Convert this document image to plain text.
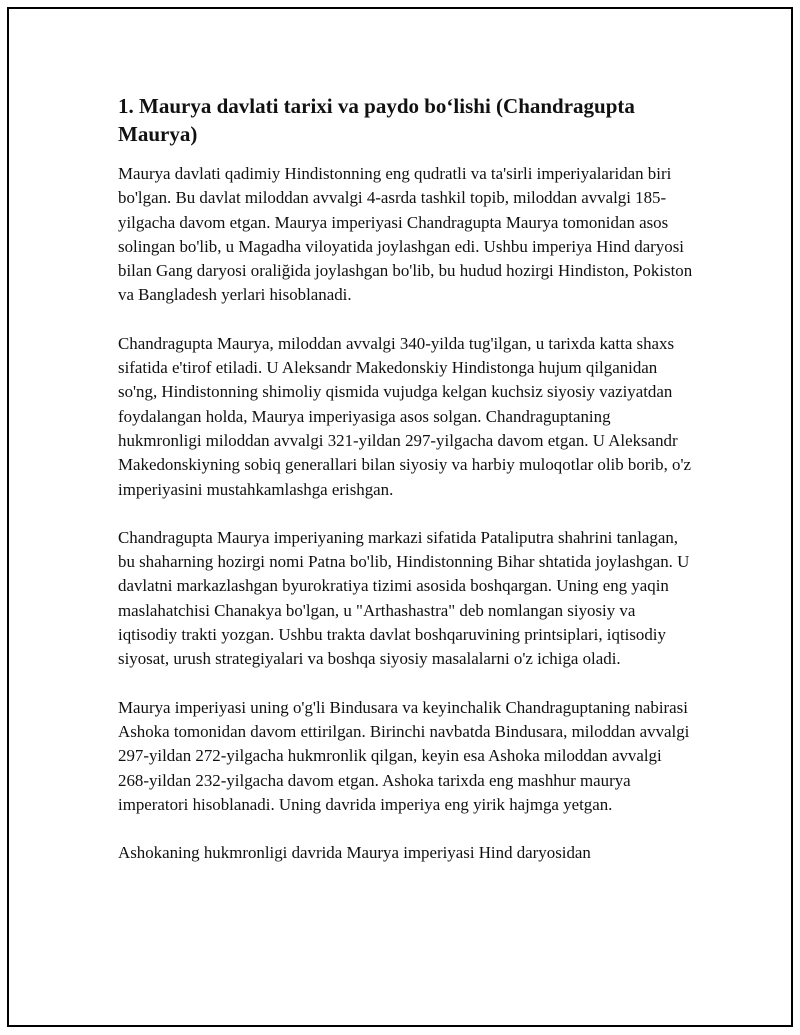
1. Maurya davlati tarixi va paydo bo‘lishi (Chandragupta Maurya)

Maurya davlati qadimiy Hindistonning eng qudratli va ta'sirli imperiyalaridan biri bo'lgan. Bu davlat miloddan avvalgi 4-asrda tashkil topib, miloddan avvalgi 185-yilgacha davom etgan. Maurya imperiyasi Chandragupta Maurya tomonidan asos solingan bo'lib, u Magadha viloyatida joylashgan edi. Ushbu imperiya Hind daryosi bilan Gang daryosi oraliğida joylashgan bo'lib, bu hudud hozirgi Hindiston, Pokiston va Bangladesh yerlari hisoblanadi.

Chandragupta Maurya, miloddan avvalgi 340-yilda tug'ilgan, u tarixda katta shaxs sifatida e'tirof etiladi. U Aleksandr Makedonskiy Hindistonga hujum qilganidan so'ng, Hindistonning shimoliy qismida vujudga kelgan kuchsiz siyosiy vaziyatdan foydalangan holda, Maurya imperiyasiga asos solgan. Chandraguptaning hukmronligi miloddan avvalgi 321-yildan 297-yilgacha davom etgan. U Aleksandr Makedonskiyning sobiq generallari bilan siyosiy va harbiy muloqotlar olib borib, o'z imperiyasini mustahkamlashga erishgan.

Chandragupta Maurya imperiyaning markazi sifatida Pataliputra shahrini tanlagan, bu shaharning hozirgi nomi Patna bo'lib, Hindistonning Bihar shtatida joylashgan. U davlatni markazlashgan byurokratiya tizimi asosida boshqargan. Uning eng yaqin maslahatchisi Chanakya bo'lgan, u "Arthashastra" deb nomlangan siyosiy va iqtisodiy trakti yozgan. Ushbu trakta davlat boshqaruvining printsiplari, iqtisodiy siyosat, urush strategiyalari va boshqa siyosiy masalalarni o'z ichiga oladi.

Maurya imperiyasi uning o'g'li Bindusara va keyinchalik Chandraguptaning nabirasi Ashoka tomonidan davom ettirilgan. Birinchi navbatda Bindusara, miloddan avvalgi 297-yildan 272-yilgacha hukmronlik qilgan, keyin esa Ashoka miloddan avvalgi 268-yildan 232-yilgacha davom etgan. Ashoka tarixda eng mashhur maurya imperatori hisoblanadi. Uning davrida imperiya eng yirik hajmga yetgan.

Ashokaning hukmronligi davrida Maurya imperiyasi Hind daryosidan
